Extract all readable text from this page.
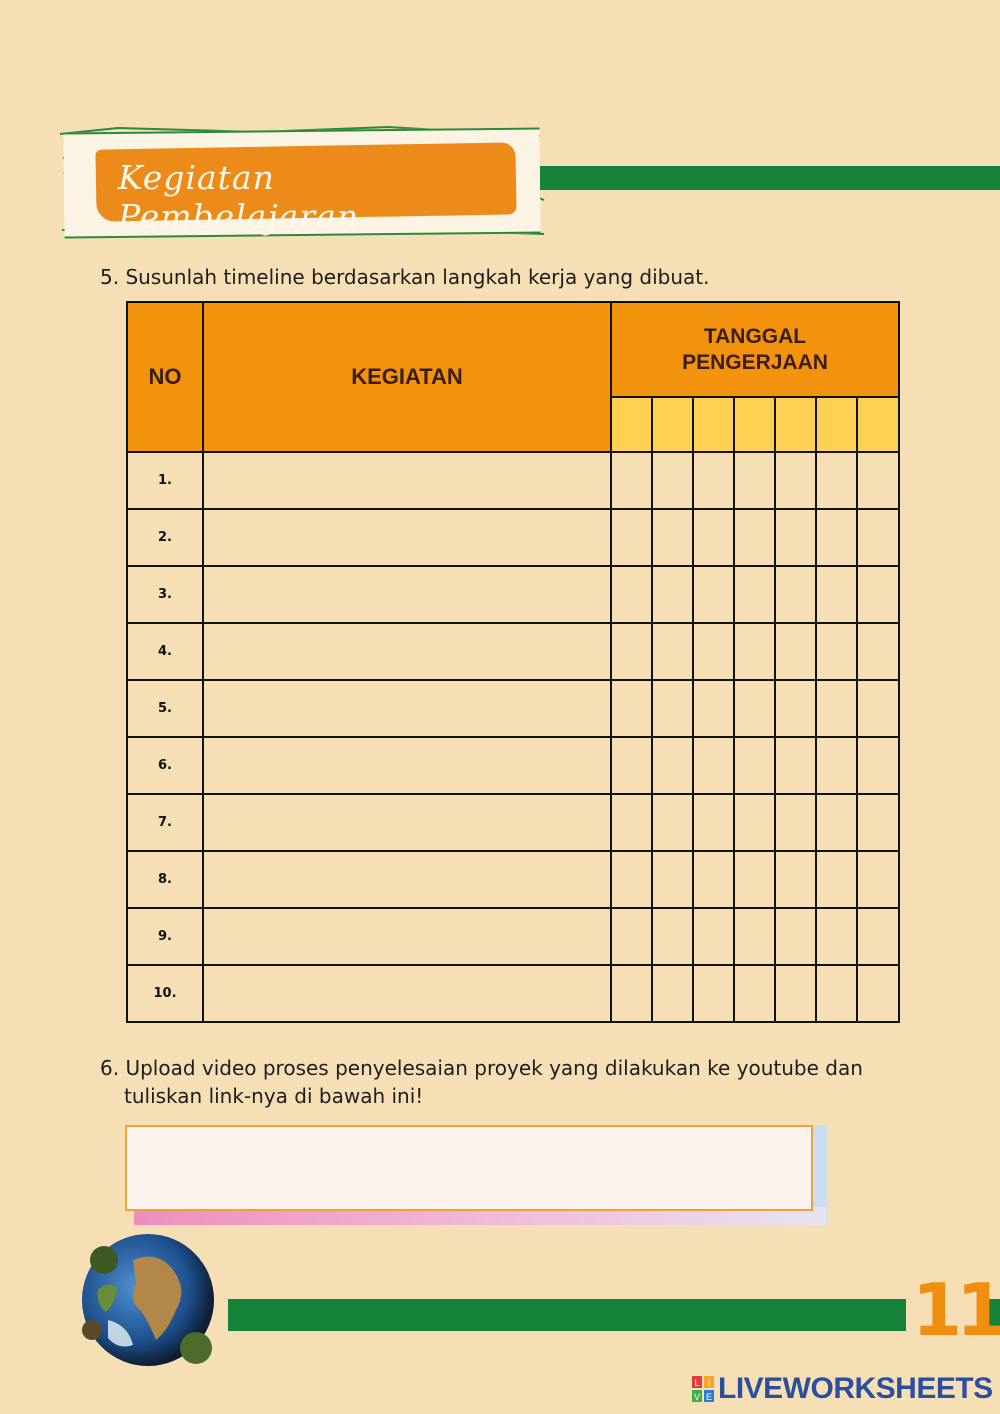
Kegiatan Pembelajaran
5. Susunlah timeline berdasarkan langkah kerja yang dibuat.
NO	KEGIATAN	TANGGAL
PENGERJAAN						

1.								
2.								
3.								
4.								
5.								
6.								
7.								
8.								
9.								
10.								
6. Upload video proses penyelesaian proyek yang dilakukan ke youtube dan
tuliskan link-nya di bawah ini!
11
L I
V E LIVEWORKSHEETS
